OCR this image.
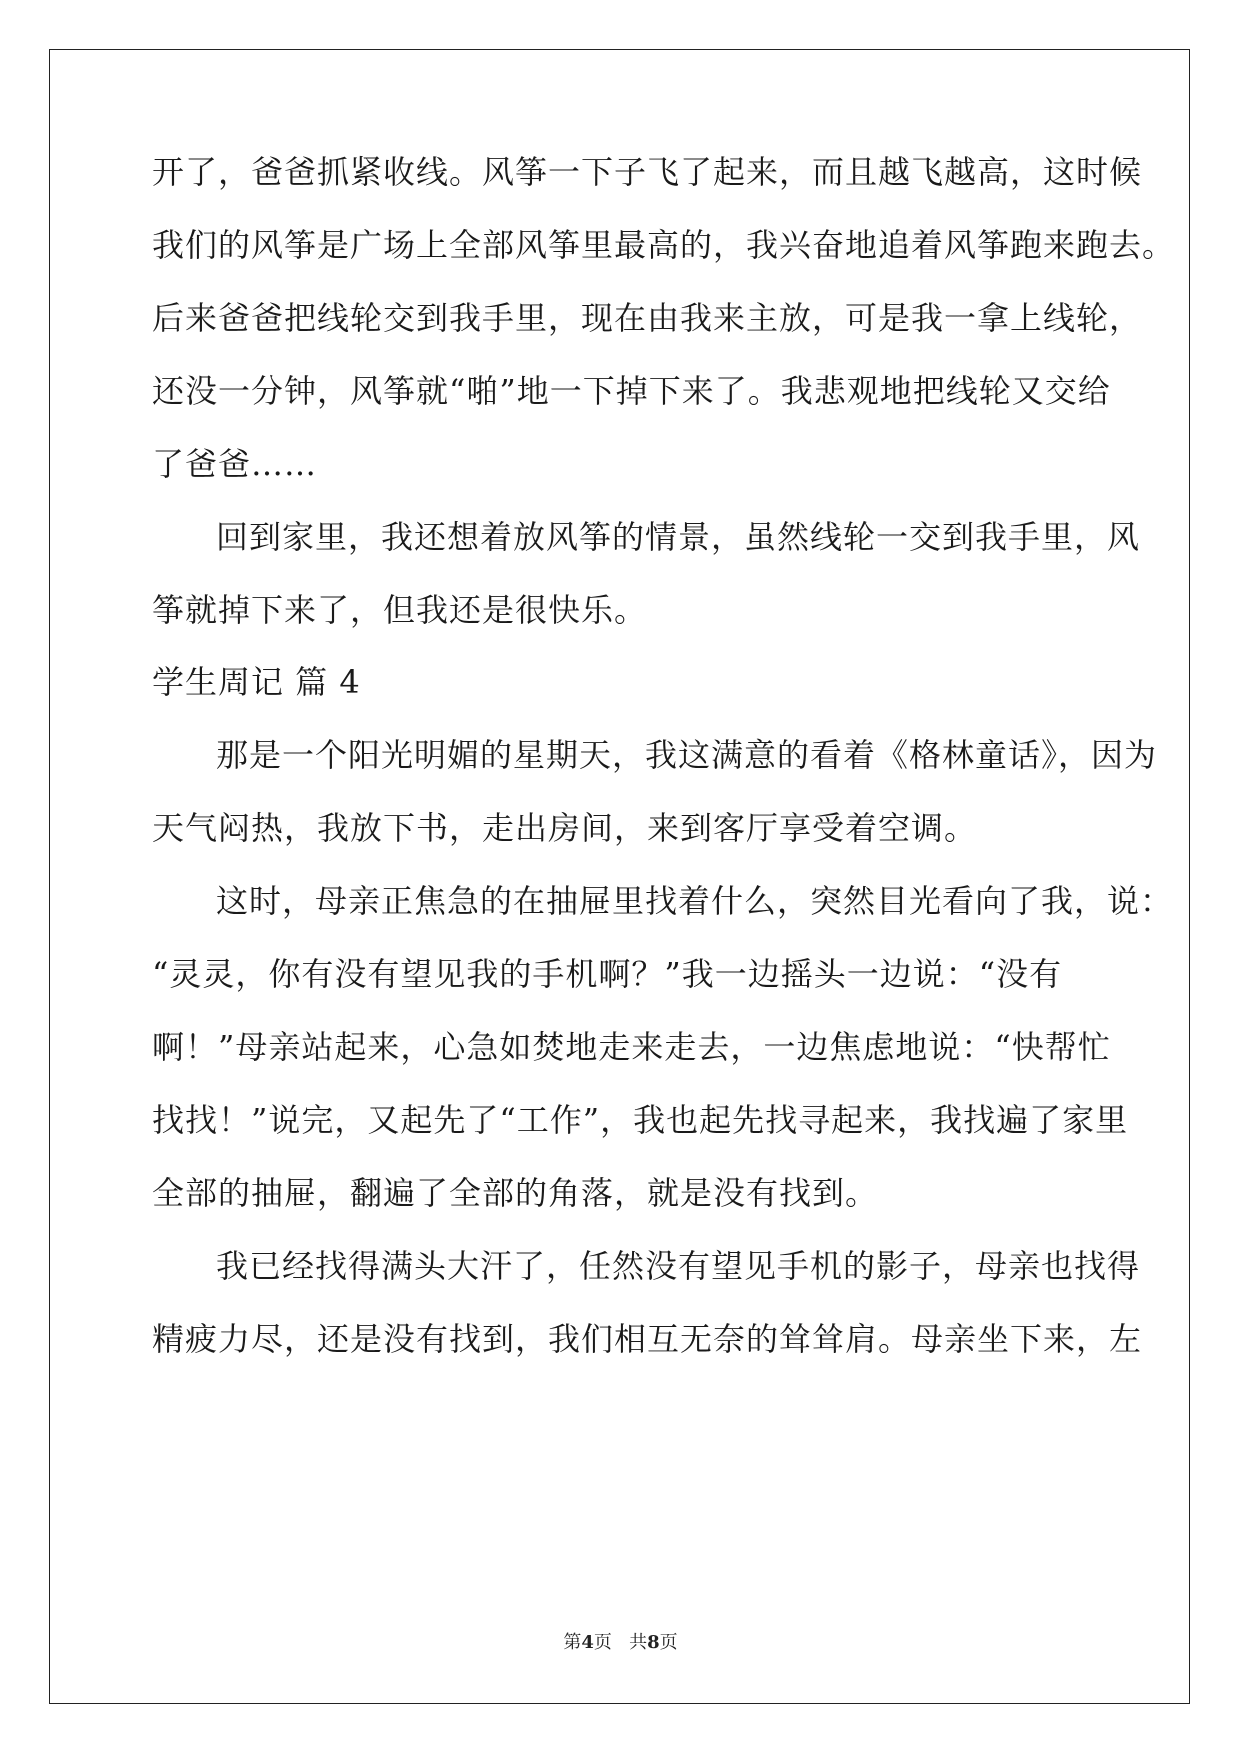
开了，爸爸抓紧收线。风筝一下子飞了起来，而且越飞越高，这时候
我们的风筝是广场上全部风筝里最高的，我兴奋地追着风筝跑来跑去。
后来爸爸把线轮交到我手里，现在由我来主放，可是我一拿上线轮，
还没一分钟，风筝就“啪”地一下掉下来了。我悲观地把线轮又交给
了爸爸……
回到家里，我还想着放风筝的情景，虽然线轮一交到我手里，风
筝就掉下来了，但我还是很快乐。
学生周记 篇 4
那是一个阳光明媚的星期天，我这满意的看着《格林童话》，因为
天气闷热，我放下书，走出房间，来到客厅享受着空调。
这时，母亲正焦急的在抽屉里找着什么，突然目光看向了我，说：
“灵灵，你有没有望见我的手机啊？”我一边摇头一边说：“没有
啊！”母亲站起来，心急如焚地走来走去，一边焦虑地说：“快帮忙
找找！”说完，又起先了“工作”，我也起先找寻起来，我找遍了家里
全部的抽屉，翻遍了全部的角落，就是没有找到。
我已经找得满头大汗了，任然没有望见手机的影子，母亲也找得
精疲力尽，还是没有找到，我们相互无奈的耸耸肩。母亲坐下来，左
第4页 共8页
